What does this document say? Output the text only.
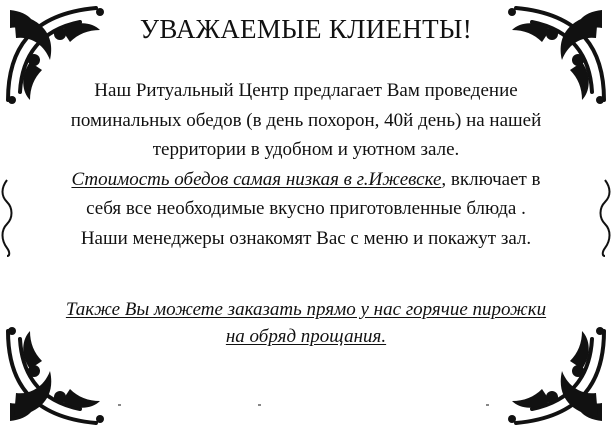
УВАЖАЕМЫЕ КЛИЕНТЫ!

Наш Ритуальный Центр предлагает Вам проведение

поминальных обедов (в день похорон, 40й день) на нашей

территории в удобном и уютном зале.

Стоимость обедов самая низкая в г.Ижевске, включает в

себя все необходимые вкусно приготовленные блюда .

Наши менеджеры ознакомят Вас с меню и покажут зал.

Также Вы можете заказать прямо у нас горячие пирожки

на обряд прощания.
